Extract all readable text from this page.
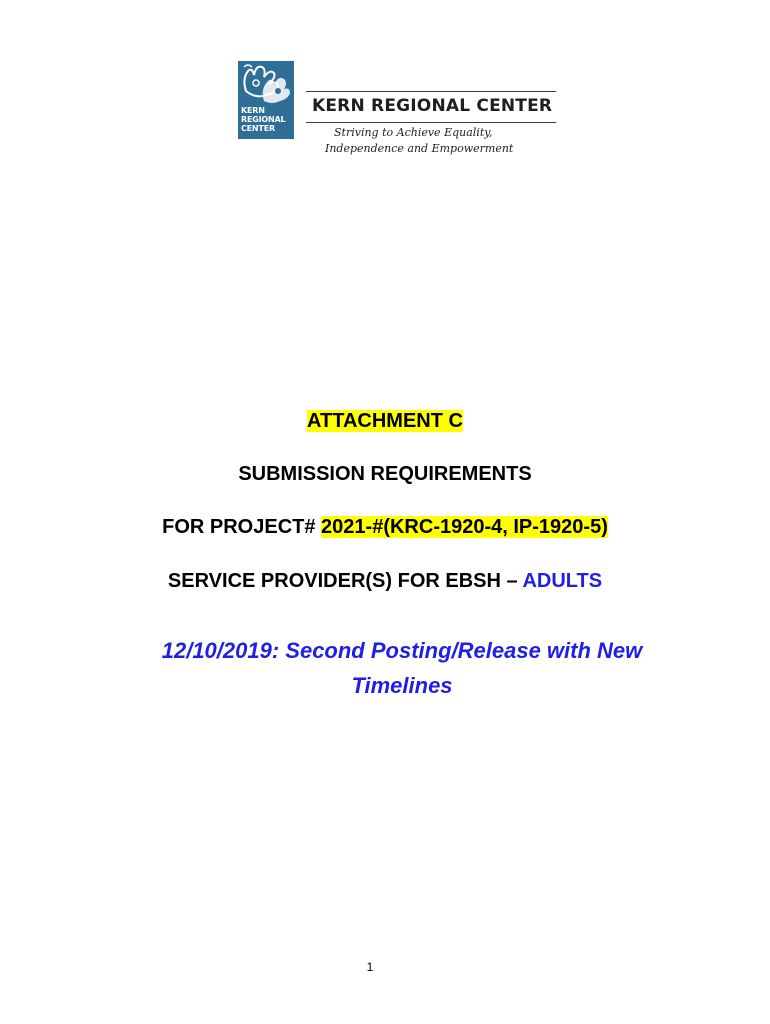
KERN
REGIONAL
CENTER
KERN REGIONAL CENTER
Striving to Achieve Equality,
Independence and Empowerment
ATTACHMENT C
SUBMISSION REQUIREMENTS
FOR PROJECT# 2021-#(KRC-1920-4, IP-1920-5)
SERVICE PROVIDER(S) FOR EBSH – ADULTS
12/10/2019: Second Posting/Release with New
Timelines
1
